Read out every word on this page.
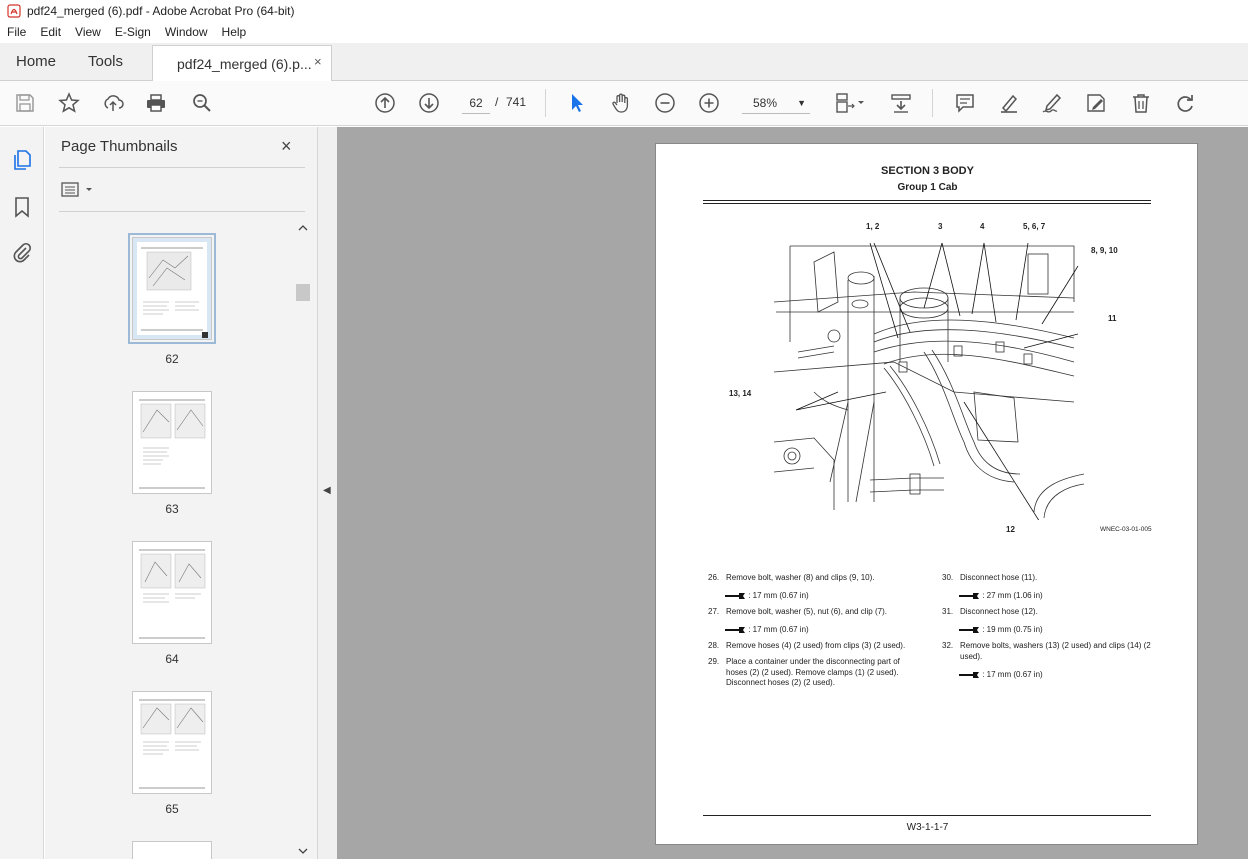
pdf24_merged (6).pdf - Adobe Acrobat Pro (64-bit)
File	Edit	View	E-Sign	Window	Help
Home Tools	pdf24_merged (6).p... ×
62	/ 741	58% ▼
Page Thumbnails	×
62
63
64
65
◀
SECTION 3 BODY
Group 1 Cab
1, 2	3	4	5, 6, 7
8, 9, 10
11
13, 14
12	WNEC-03-01-005
26. Remove bolt, washer (8) and clips (9, 10).
: 17 mm (0.67 in)
27. Remove bolt, washer (5), nut (6), and clip (7).
: 17 mm (0.67 in)
28. Remove hoses (4) (2 used) from clips (3) (2 used).
29. Place a container under the disconnecting part of hoses (2) (2 used). Remove clamps (1) (2 used). Disconnect hoses (2) (2 used).
30. Disconnect hose (11).
: 27 mm (1.06 in)
31. Disconnect hose (12).
: 19 mm (0.75 in)
32. Remove bolts, washers (13) (2 used) and clips (14) (2 used).
: 17 mm (0.67 in)
W3-1-1-7
